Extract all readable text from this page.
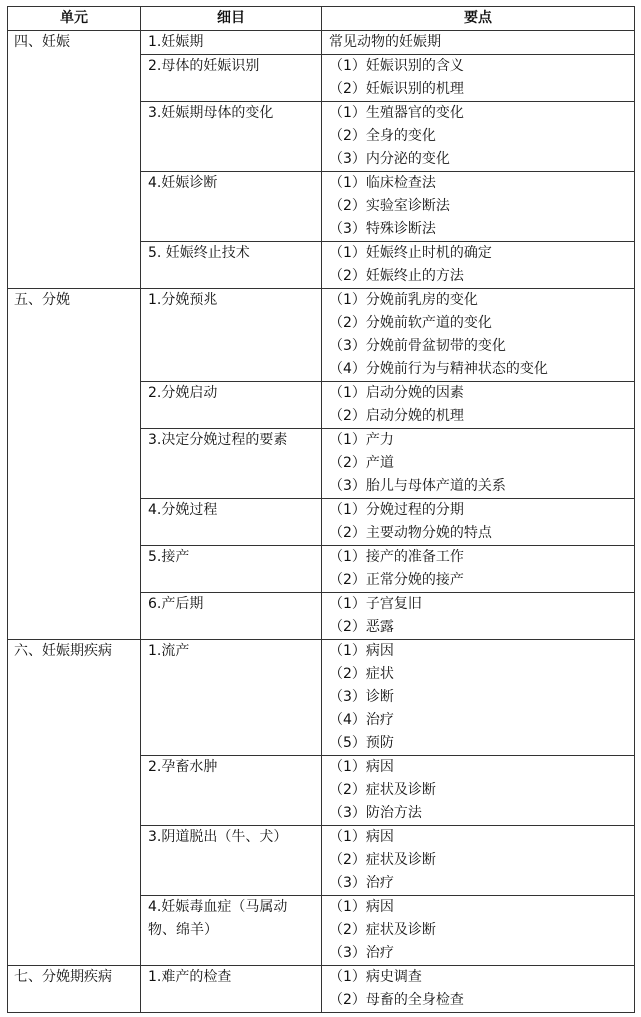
单元	细目	要点
四、妊娠	1.妊娠期	常见动物的妊娠期

	2.母体的妊娠识别	（1）妊娠识别的含义
（2）妊娠识别的机理

	3.妊娠期母体的变化	（1）生殖器官的变化
（2）全身的变化
（3）内分泌的变化

	4.妊娠诊断	（1）临床检查法
（2）实验室诊断法
（3）特殊诊断法

	5. 妊娠终止技术	（1）妊娠终止时机的确定
（2）妊娠终止的方法

五、分娩	1.分娩预兆	（1）分娩前乳房的变化
（2）分娩前软产道的变化
（3）分娩前骨盆韧带的变化
（4）分娩前行为与精神状态的变化

	2.分娩启动	（1）启动分娩的因素
（2）启动分娩的机理

	3.决定分娩过程的要素	（1）产力
（2）产道
（3）胎儿与母体产道的关系

	4.分娩过程	（1）分娩过程的分期
（2）主要动物分娩的特点

	5.接产	（1）接产的准备工作
（2）正常分娩的接产

	6.产后期	（1）子宫复旧
（2）恶露

六、妊娠期疾病	1.流产	（1）病因
（2）症状
（3）诊断
（4）治疗
（5）预防

	2.孕畜水肿	（1）病因
（2）症状及诊断
（3）防治方法

	3.阴道脱出（牛、犬）	（1）病因
（2）症状及诊断
（3）治疗

	4.妊娠毒血症（马属动物、绵羊）	（1）病因
（2）症状及诊断
（3）治疗

七、分娩期疾病	1.难产的检查	（1）病史调查
（2）母畜的全身检查
